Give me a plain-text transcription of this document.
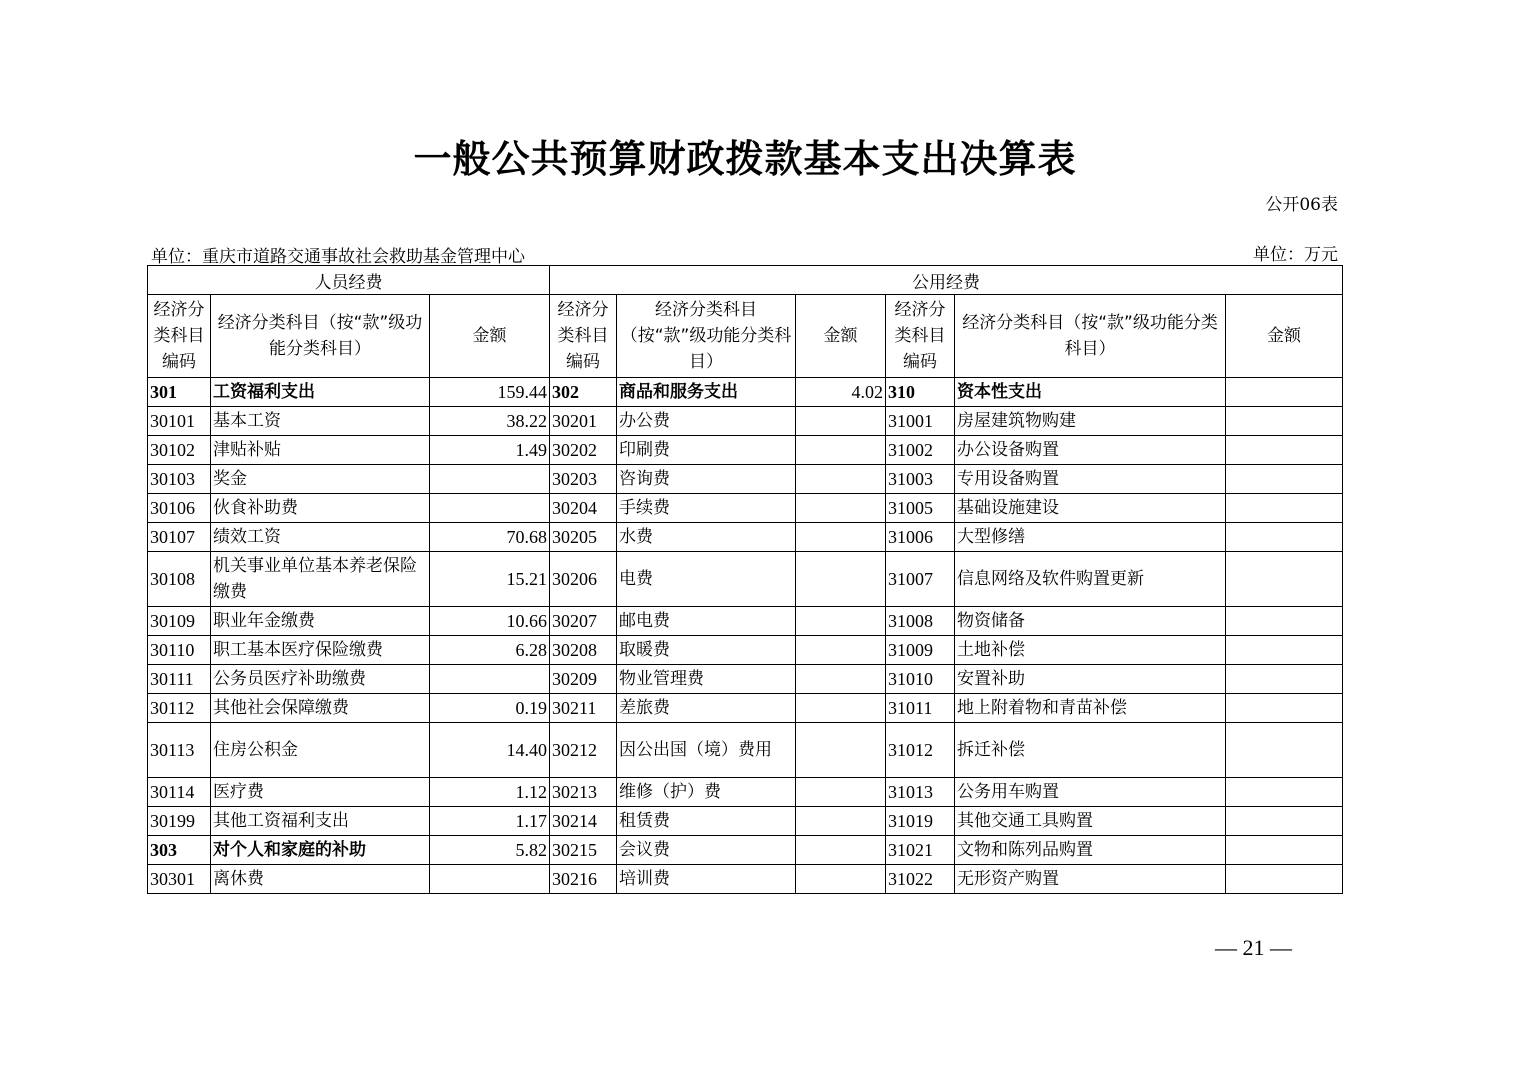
一般公共预算财政拨款基本支出决算表
公开06表
单位：重庆市道路交通事故社会救助基金管理中心	单位：万元
人员经费			公用经费					
经济分类科目编码	经济分类科目（按“款”级功能分类科目）	金额	经济分类科目编码	经济分类科目（按“款”级功能分类科目）	金额	经济分类科目编码	经济分类科目（按“款”级功能分类科目）	金额
301	工资福利支出	159.44	302	商品和服务支出	4.02	310	资本性支出	
30101	基本工资	38.22	30201	办公费		31001	房屋建筑物购建	
30102	津贴补贴	1.49	30202	印刷费		31002	办公设备购置	
30103	奖金		30203	咨询费		31003	专用设备购置	
30106	伙食补助费		30204	手续费		31005	基础设施建设	
30107	绩效工资	70.68	30205	水费		31006	大型修缮	
30108	机关事业单位基本养老保险缴费	15.21	30206	电费		31007	信息网络及软件购置更新	
30109	职业年金缴费	10.66	30207	邮电费		31008	物资储备	
30110	职工基本医疗保险缴费	6.28	30208	取暖费		31009	土地补偿	
30111	公务员医疗补助缴费		30209	物业管理费		31010	安置补助	
30112	其他社会保障缴费	0.19	30211	差旅费		31011	地上附着物和青苗补偿	
30113	住房公积金	14.40	30212	因公出国（境）费用		31012	拆迁补偿	
30114	医疗费	1.12	30213	维修（护）费		31013	公务用车购置	
30199	其他工资福利支出	1.17	30214	租赁费		31019	其他交通工具购置	
303	对个人和家庭的补助	5.82	30215	会议费		31021	文物和陈列品购置	
30301	离休费		30216	培训费		31022	无形资产购置	
— 21 —
